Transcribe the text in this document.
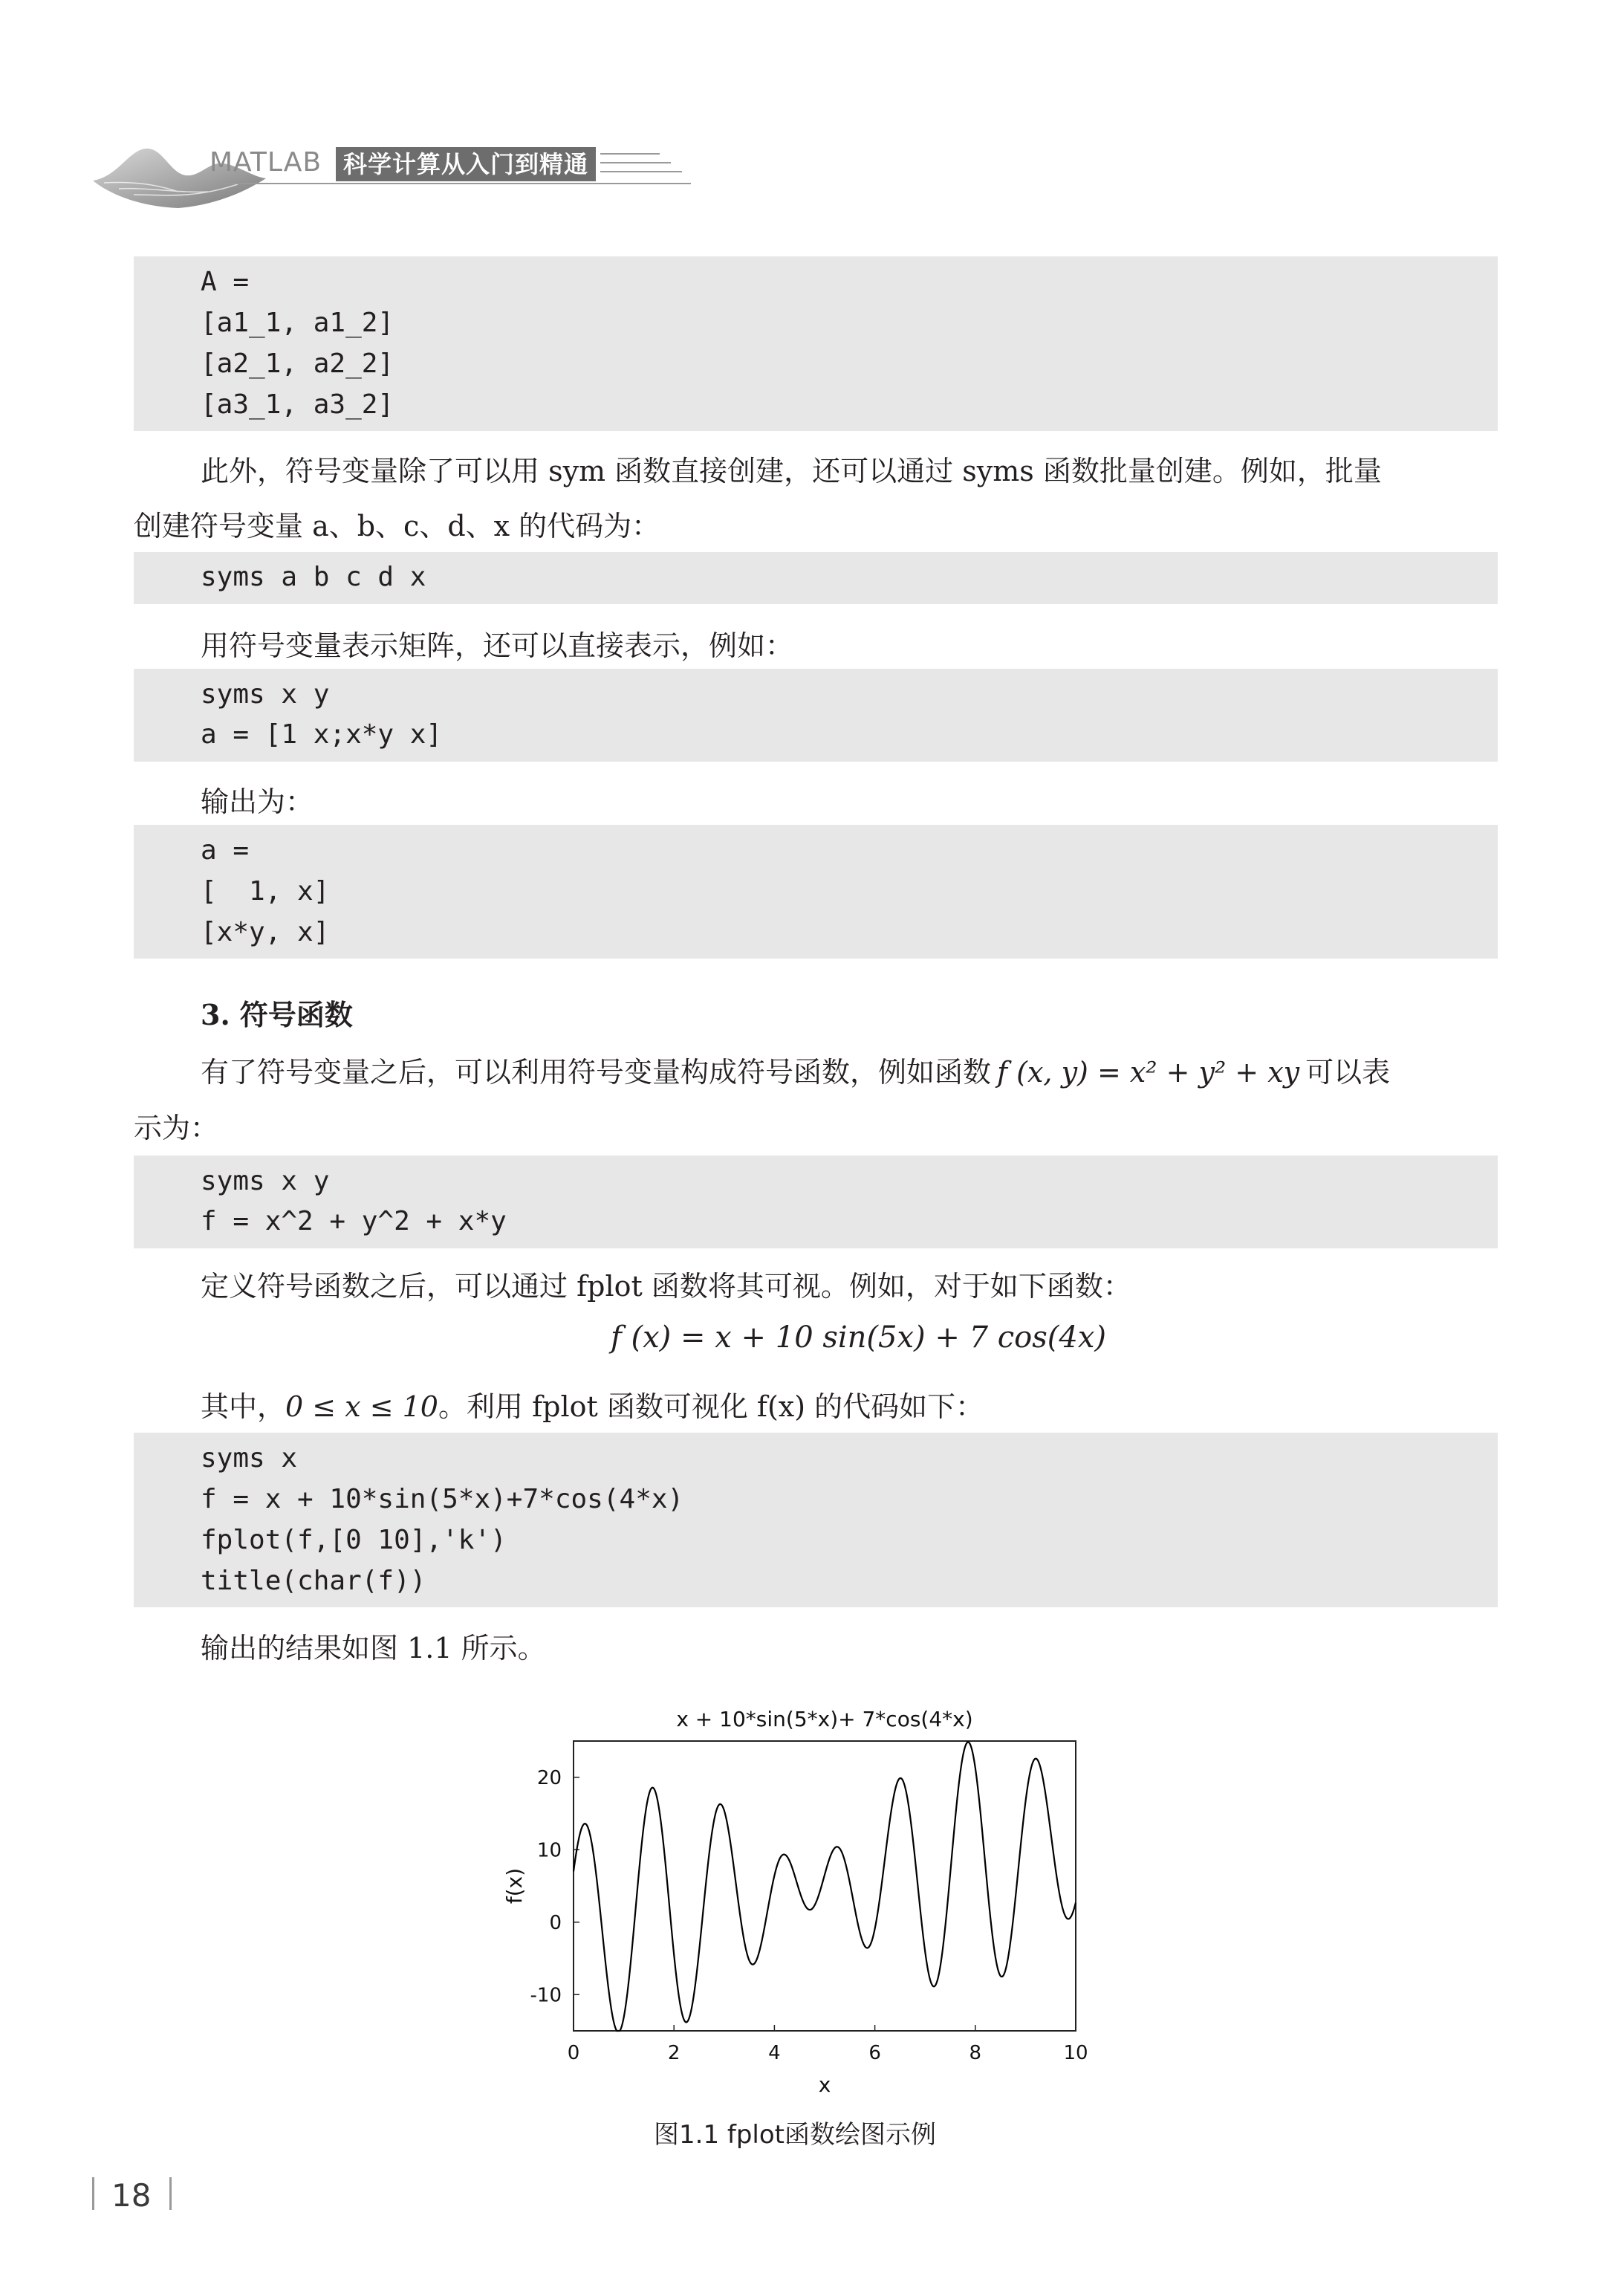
MATLAB 科学计算从入门到精通
A =
[a1_1, a1_2]
[a2_1, a2_2]
[a3_1, a3_2]
此外，符号变量除了可以用 sym 函数直接创建，还可以通过 syms 函数批量创建。例如，批量
创建符号变量 a、b、c、d、x 的代码为：
syms a b c d x
用符号变量表示矩阵，还可以直接表示，例如：
syms x y
a = [1 x;x*y x]
输出为：
a =
[  1, x]
[x*y, x]
3. 符号函数
有了符号变量之后，可以利用符号变量构成符号函数，例如函数 f (x, y) = x² + y² + xy 可以表
示为：
syms x y
f = x^2 + y^2 + x*y
定义符号函数之后，可以通过 fplot 函数将其可视。例如，对于如下函数：
f (x) = x + 10 sin(5x) + 7 cos(4x)
其中，0 ≤ x ≤ 10。利用 fplot 函数可视化 f(x) 的代码如下：
syms x
f = x + 10*sin(5*x)+7*cos(4*x)
fplot(f,[0 10],'k')
title(char(f))
输出的结果如图 1.1 所示。
x + 10*sin(5*x)+ 7*cos(4*x)
0	2	4	6	8	10
-10
0
10
20
x
f(x)
图1.1 fplot函数绘图示例
18
